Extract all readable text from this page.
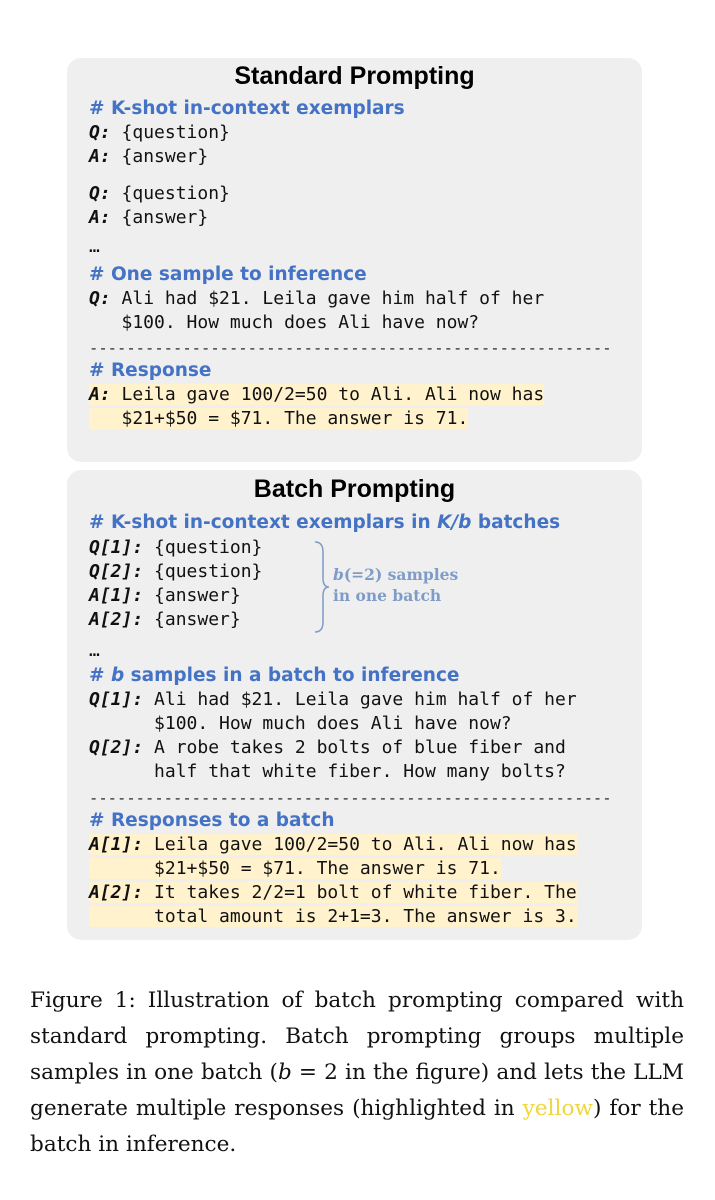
Standard Prompting
# K-shot in-context exemplars
Q: {question}
A: {answer}
Q: {question}
A: {answer}
…
# One sample to inference
Q: Ali had $21. Leila gave him half of her
$100. How much does Ali have now?
--------------------------------------------------------
# Response
A: Leila gave 100/2=50 to Ali. Ali now has
$21+$50 = $71. The answer is 71.
Batch Prompting
# K-shot in-context exemplars in K/b batches
Q[1]: {question}
Q[2]: {question}
A[1]: {answer}
A[2]: {answer}
b(=2) samples
in one batch
…
# b samples in a batch to inference
Q[1]: Ali had $21. Leila gave him half of her
$100. How much does Ali have now?
Q[2]: A robe takes 2 bolts of blue fiber and
half that white fiber. How many bolts?
--------------------------------------------------------
# Responses to a batch
A[1]: Leila gave 100/2=50 to Ali. Ali now has
$21+$50 = $71. The answer is 71.
A[2]: It takes 2/2=1 bolt of white fiber. The
total amount is 2+1=3. The answer is 3.
Figure 1: Illustration of batch prompting compared with standard prompting. Batch prompting groups multiple samples in one batch (b = 2 in the figure) and lets the LLM generate multiple responses (highlighted in yellow) for the batch in inference.
